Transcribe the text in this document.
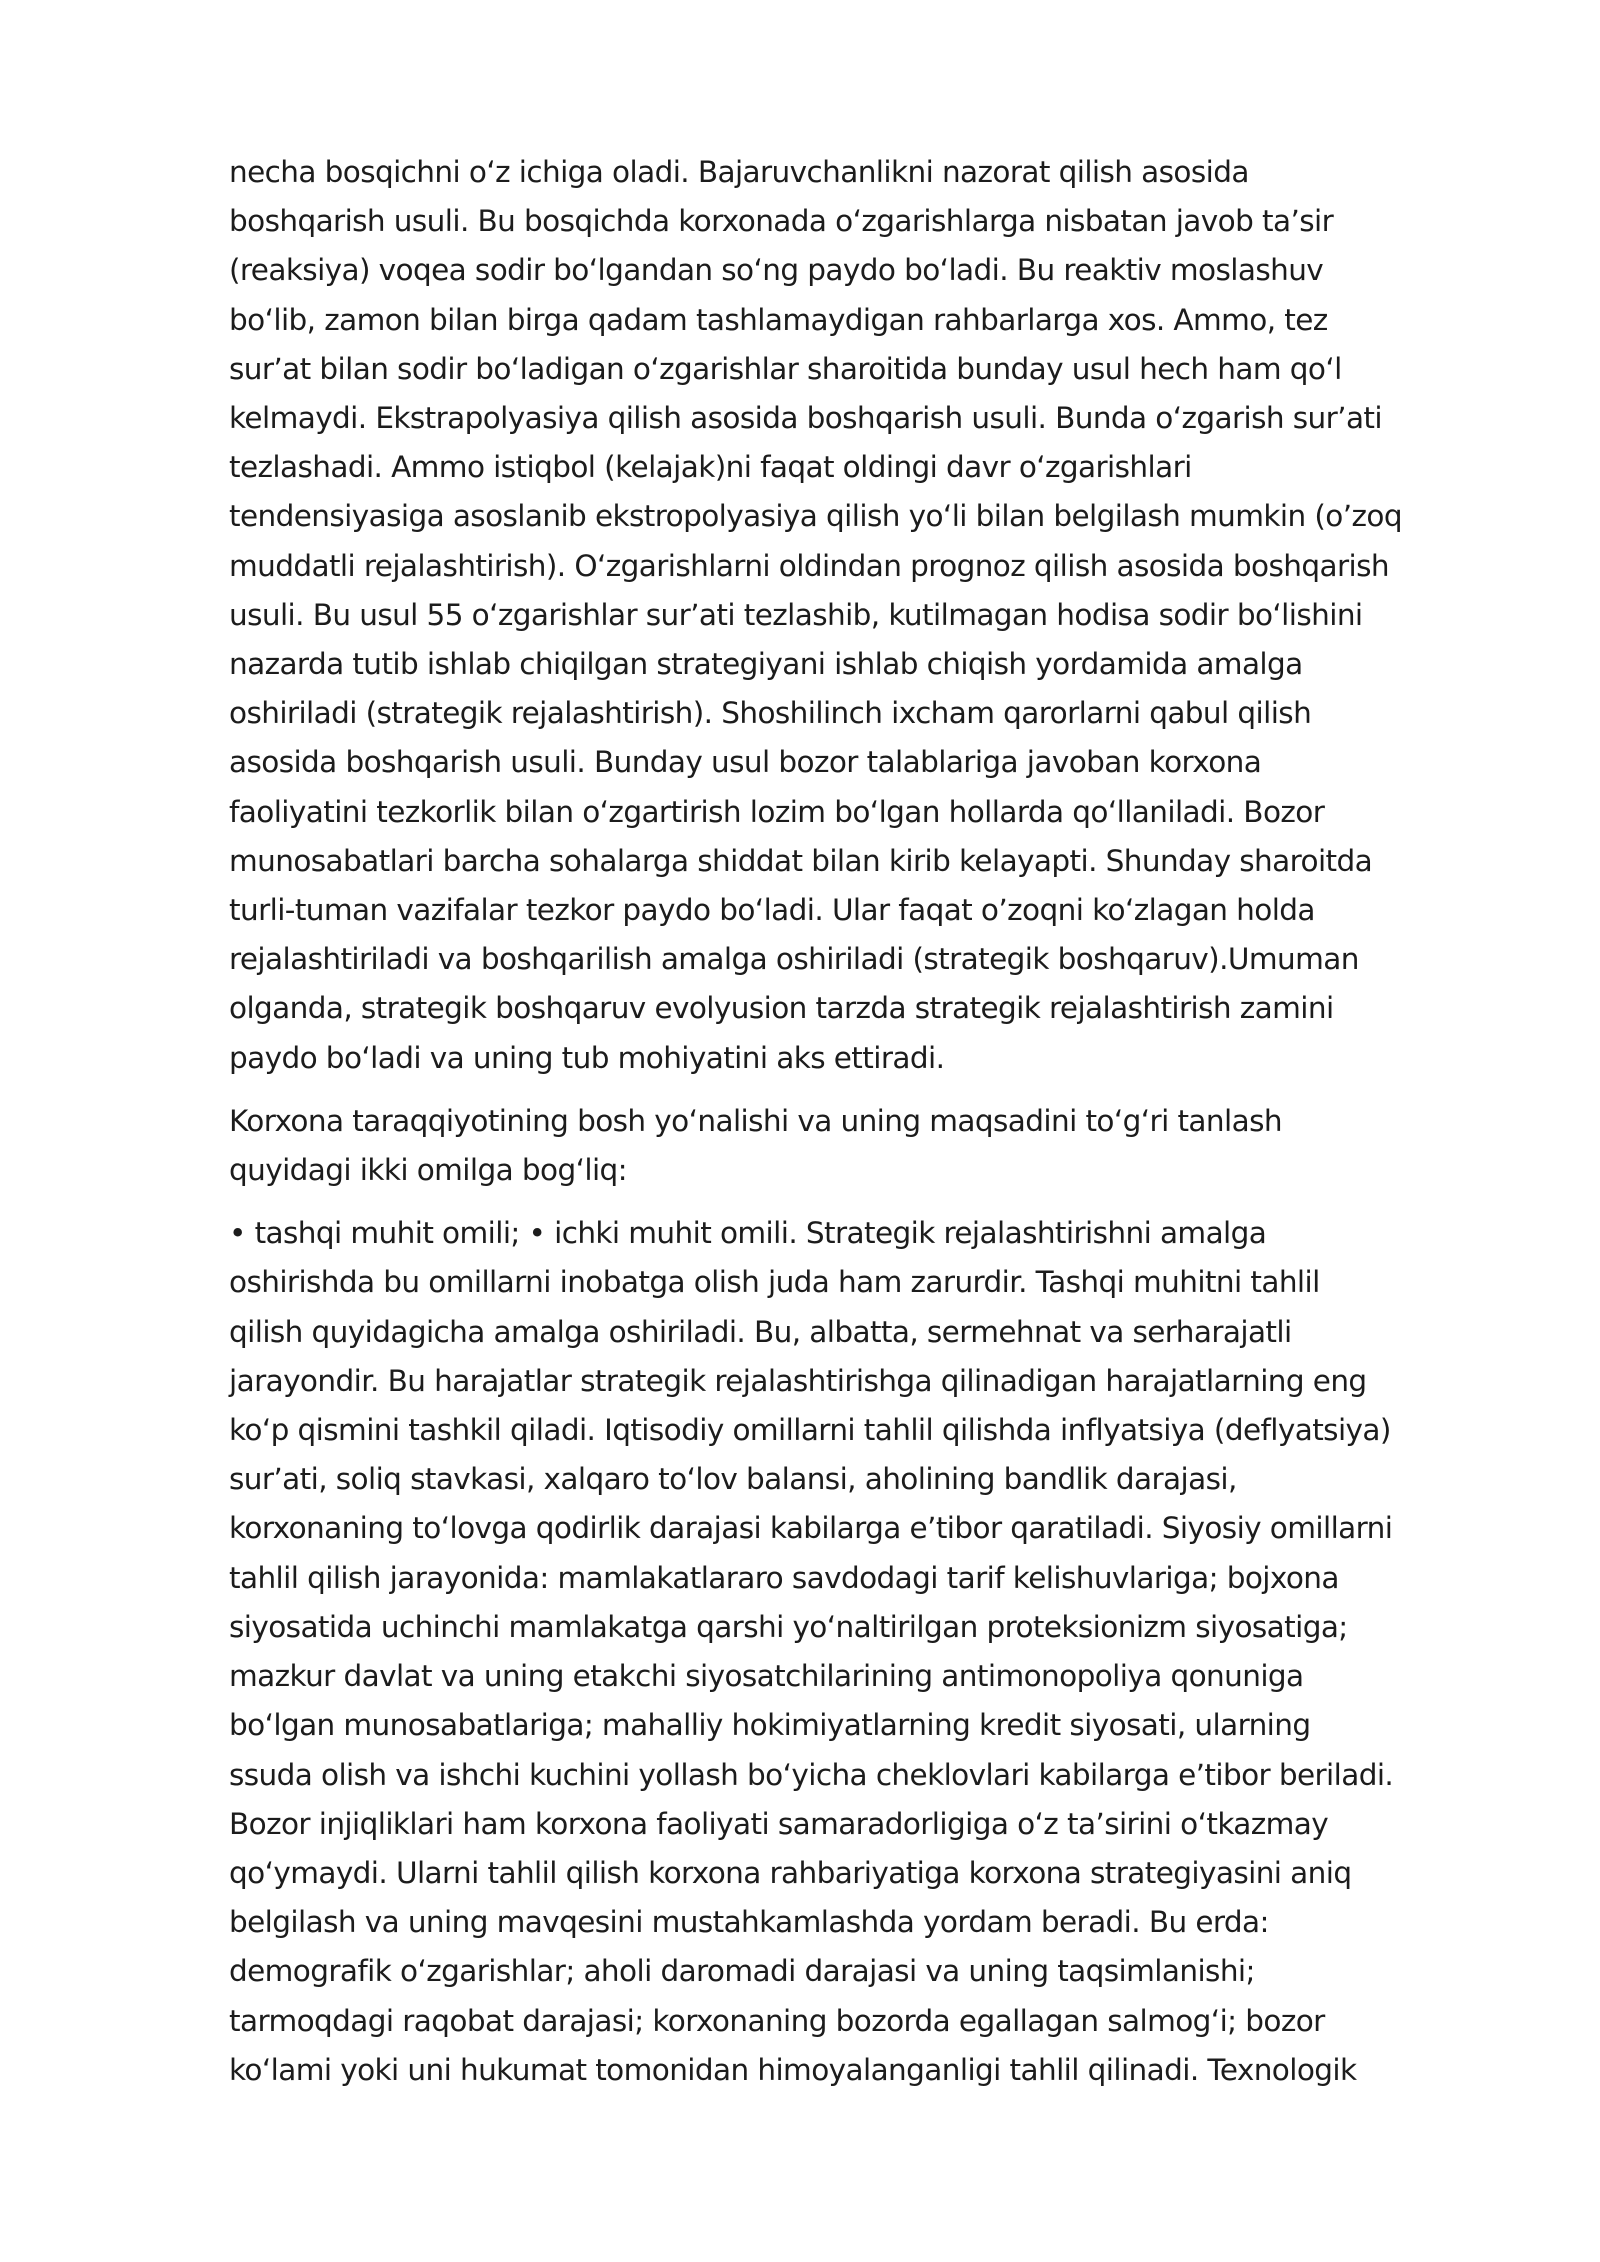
necha bosqichni oʻz ichiga oladi. Bajaruvchanlikni nazorat qilish asosida
boshqarish usuli. Bu bosqichda korxonada oʻzgarishlarga nisbatan javob taʼsir
(reaksiya) voqea sodir boʻlgandan soʻng paydo boʻladi. Bu reaktiv moslashuv
boʻlib, zamon bilan birga qadam tashlamaydigan rahbarlarga xos. Ammo, tez
surʼat bilan sodir boʻladigan oʻzgarishlar sharoitida bunday usul hech ham qoʻl
kelmaydi. Ekstrapolyasiya qilish asosida boshqarish usuli. Bunda oʻzgarish surʼati
tezlashadi. Ammo istiqbol (kelajak)ni faqat oldingi davr oʻzgarishlari
tendensiyasiga asoslanib ekstropolyasiya qilish yoʻli bilan belgilash mumkin (oʼzoq
muddatli rejalashtirish). Oʻzgarishlarni oldindan prognoz qilish asosida boshqarish
usuli. Bu usul 55 oʻzgarishlar surʼati tezlashib, kutilmagan hodisa sodir boʻlishini
nazarda tutib ishlab chiqilgan strategiyani ishlab chiqish yordamida amalga
oshiriladi (strategik rejalashtirish). Shoshilinch ixcham qarorlarni qabul qilish
asosida boshqarish usuli. Bunday usul bozor talablariga javoban korxona
faoliyatini tezkorlik bilan oʻzgartirish lozim boʻlgan hollarda qoʻllaniladi. Bozor
munosabatlari barcha sohalarga shiddat bilan kirib kelayapti. Shunday sharoitda
turli-tuman vazifalar tezkor paydo boʻladi. Ular faqat oʼzoqni koʻzlagan holda
rejalashtiriladi va boshqarilish amalga oshiriladi (strategik boshqaruv).Umuman
olganda, strategik boshqaruv evolyusion tarzda strategik rejalashtirish zamini
paydo boʻladi va uning tub mohiyatini aks ettiradi.

Korxona taraqqiyotining bosh yoʻnalishi va uning maqsadini toʻgʻri tanlash
quyidagi ikki omilga bogʻliq:

• tashqi muhit omili; • ichki muhit omili. Strategik rejalashtirishni amalga
oshirishda bu omillarni inobatga olish juda ham zarurdir. Tashqi muhitni tahlil
qilish quyidagicha amalga oshiriladi. Bu, albatta, sermehnat va serharajatli
jarayondir. Bu harajatlar strategik rejalashtirishga qilinadigan harajatlarning eng
koʻp qismini tashkil qiladi. Iqtisodiy omillarni tahlil qilishda inflyatsiya (deflyatsiya)
surʼati, soliq stavkasi, xalqaro toʻlov balansi, aholining bandlik darajasi,
korxonaning toʻlovga qodirlik darajasi kabilarga eʼtibor qaratiladi. Siyosiy omillarni
tahlil qilish jarayonida: mamlakatlararo savdodagi tarif kelishuvlariga; bojxona
siyosatida uchinchi mamlakatga qarshi yoʻnaltirilgan proteksionizm siyosatiga;
mazkur davlat va uning etakchi siyosatchilarining antimonopoliya qonuniga
boʻlgan munosabatlariga; mahalliy hokimiyatlarning kredit siyosati, ularning
ssuda olish va ishchi kuchini yollash boʻyicha cheklovlari kabilarga eʼtibor beriladi.
Bozor injiqliklari ham korxona faoliyati samaradorligiga oʻz taʼsirini oʻtkazmay
qoʻymaydi. Ularni tahlil qilish korxona rahbariyatiga korxona strategiyasini aniq
belgilash va uning mavqesini mustahkamlashda yordam beradi. Bu erda:
demografik oʻzgarishlar; aholi daromadi darajasi va uning taqsimlanishi;
tarmoqdagi raqobat darajasi; korxonaning bozorda egallagan salmogʻi; bozor
koʻlami yoki uni hukumat tomonidan himoyalanganligi tahlil qilinadi. Texnologik
